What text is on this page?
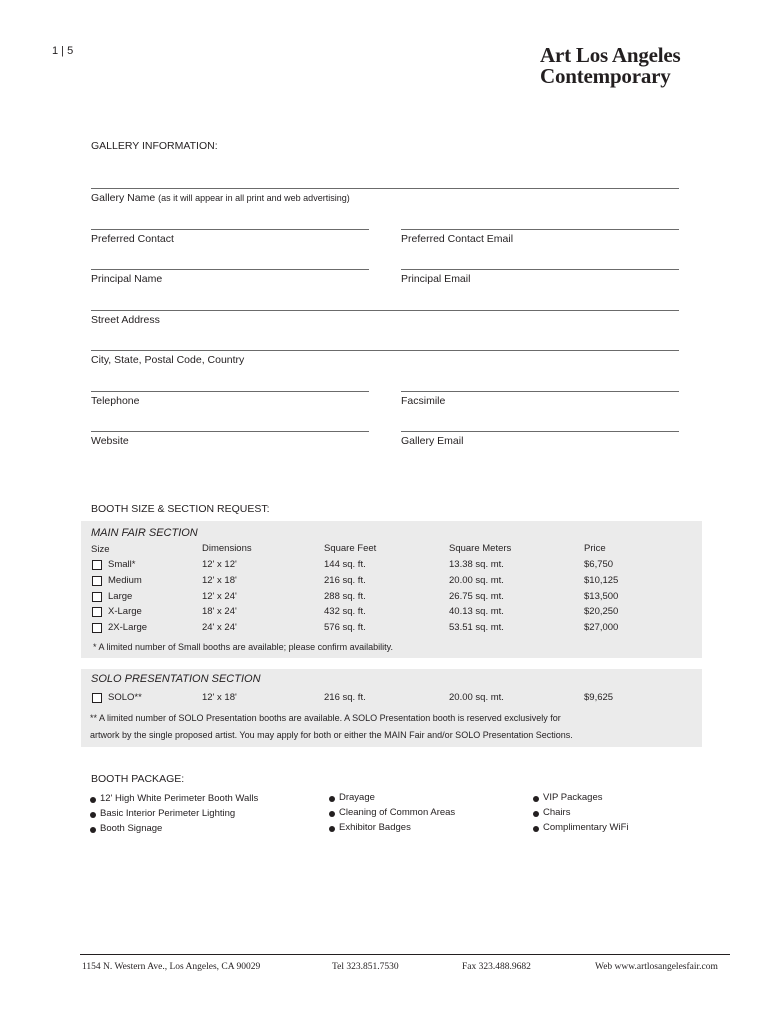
1 | 5	Art Los Angeles
Contemporary
GALLERY INFORMATION:
Gallery Name (as it will appear in all print and web advertising)
Preferred Contact	Preferred Contact Email
Principal Name	Principal Email
Street Address
City, State, Postal Code, Country
Telephone	Facsimile
Website	Gallery Email
BOOTH SIZE & SECTION REQUEST:
MAIN FAIR SECTION
Size	Dimensions	Square Feet	Square Meters	Price
Small*	12' x 12'	144 sq. ft.	13.38 sq. mt.	$6,750
Medium	12' x 18'	216 sq. ft.	20.00 sq. mt.	$10,125
Large	12' x 24'	288 sq. ft.	26.75 sq. mt.	$13,500
X-Large	18' x 24'	432 sq. ft.	40.13 sq. mt.	$20,250
2X-Large	24' x 24'	576 sq. ft.	53.51 sq. mt.	$27,000
* A limited number of Small booths are available; please confirm availability.
SOLO PRESENTATION SECTION
SOLO**	12' x 18'	216 sq. ft.	20.00 sq. mt.	$9,625
** A limited number of SOLO Presentation booths are available. A SOLO Presentation booth is reserved exclusively for
artwork by the single proposed artist. You may apply for both or either the MAIN Fair and/or SOLO Presentation Sections.
BOOTH PACKAGE:
12' High White Perimeter Booth Walls
Basic Interior Perimeter Lighting
Booth Signage
Drayage
Cleaning of Common Areas
Exhibitor Badges
VIP Packages
Chairs
Complimentary WiFi
1154 N. Western Ave., Los Angeles, CA 90029	Tel 323.851.7530	Fax 323.488.9682	Web www.artlosangelesfair.com
